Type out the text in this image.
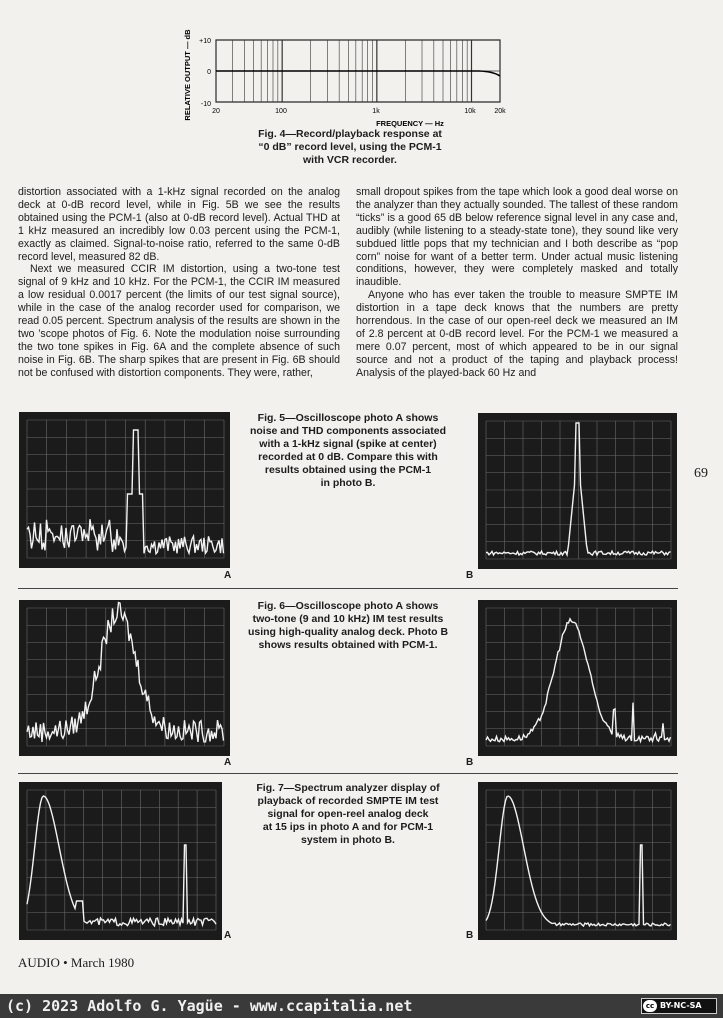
RELATIVE OUTPUT — dB +10
0
-10
20	100	1k	10k	20k
FREQUENCY — Hz
Fig. 4—Record/playback response at
“0 dB” record level, using the PCM-1
with VCR recorder.

distortion associated with a 1-kHz signal recorded on the analog deck at 0-dB record level, while in Fig. 5B we see the results obtained using the PCM-1 (also at 0-dB record level). Actual THD at 1 kHz measured an incredibly low 0.03 percent using the PCM-1, exactly as claimed. Signal-to-noise ratio, referred to the same 0-dB record level, measured 82 dB.

Next we measured CCIR IM distortion, using a two-tone test signal of 9 kHz and 10 kHz. For the PCM-1, the CCIR IM measured a low residual 0.0017 percent (the limits of our test signal source), while in the case of the analog recorder used for comparison, we read 0.05 percent. Spectrum analysis of the results are shown in the two ’scope photos of Fig. 6. Note the modulation noise surrounding the two tone spikes in Fig. 6A and the complete absence of such noise in Fig. 6B. The sharp spikes that are present in Fig. 6B should not be confused with distortion components. They were, rather,

small dropout spikes from the tape which look a good deal worse on the analyzer than they actually sounded. The tallest of these random “ticks” is a good 65 dB below reference signal level in any case and, audibly (while listening to a steady-state tone), they sound like very subdued little pops that my technician and I both describe as “pop corn” noise for want of a better term. Under actual music listening conditions, however, they were completely masked and totally inaudible.

Anyone who has ever taken the trouble to measure SMPTE IM distortion in a tape deck knows that the numbers are pretty horrendous. In the case of our open-reel deck we measured an IM of 2.8 percent at 0-dB record level. For the PCM-1 we measured a mere 0.07 percent, most of which appeared to be in our signal source and not a product of the taping and playback process! Analysis of the played-back 60 Hz and

A
Fig. 5—Oscilloscope photo A shows
noise and THD components associated
with a 1-kHz signal (spike at center)
recorded at 0 dB. Compare this with
results obtained using the PCM-1
in photo B.
B
69
A
Fig. 6—Oscilloscope photo A shows
two-tone (9 and 10 kHz) IM test results
using high-quality analog deck. Photo B
shows results obtained with PCM-1.
B
A
Fig. 7—Spectrum analyzer display of
playback of recorded SMPTE IM test
signal for open-reel analog deck
at 15 ips in photo A and for PCM-1
system in photo B.
B
AUDIO • March 1980
(c) 2023 Adolfo G. Yagüe - www.ccapitalia.net	cc BY-NC-SA
